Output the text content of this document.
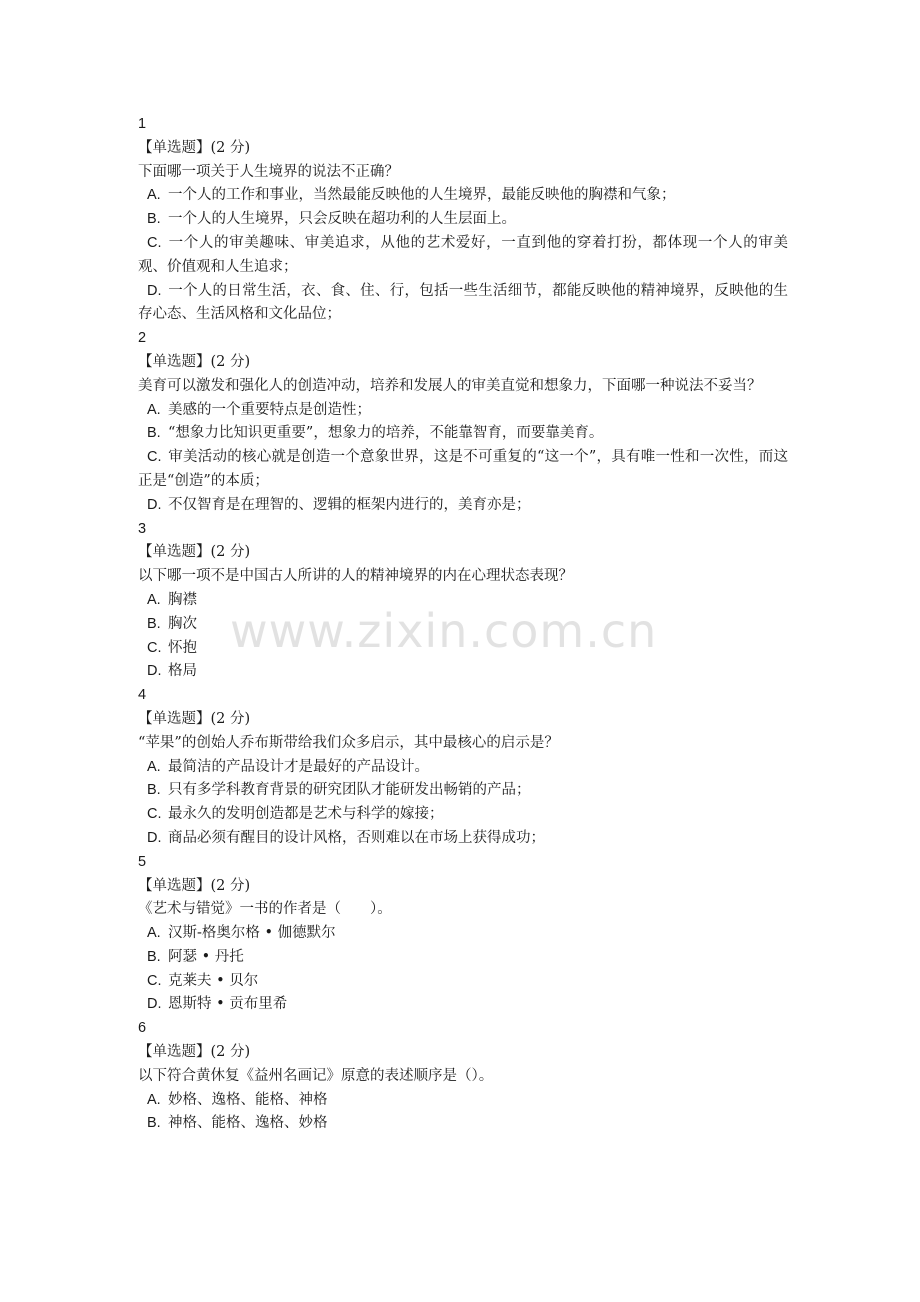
1
【单选题】(2 分)
下面哪一项关于人生境界的说法不正确？
A. 一个人的工作和事业，当然最能反映他的人生境界，最能反映他的胸襟和气象；
B. 一个人的人生境界，只会反映在超功利的人生层面上。
C. 一个人的审美趣味、审美追求，从他的艺术爱好，一直到他的穿着打扮，都体现一个人的审美观、价值观和人生追求；
D. 一个人的日常生活，衣、食、住、行，包括一些生活细节，都能反映他的精神境界，反映他的生存心态、生活风格和文化品位；
2
【单选题】(2 分)
美育可以激发和强化人的创造冲动，培养和发展人的审美直觉和想象力，下面哪一种说法不妥当？
A. 美感的一个重要特点是创造性；
B. “想象力比知识更重要”，想象力的培养，不能靠智育，而要靠美育。
C. 审美活动的核心就是创造一个意象世界，这是不可重复的“这一个”，具有唯一性和一次性，而这正是“创造”的本质；
D. 不仅智育是在理智的、逻辑的框架内进行的，美育亦是；
3
【单选题】(2 分)
以下哪一项不是中国古人所讲的人的精神境界的内在心理状态表现？
A. 胸襟
B. 胸次
C. 怀抱
D. 格局
4
【单选题】(2 分)
“苹果”的创始人乔布斯带给我们众多启示，其中最核心的启示是？
A. 最简洁的产品设计才是最好的产品设计。
B. 只有多学科教育背景的研究团队才能研发出畅销的产品；
C. 最永久的发明创造都是艺术与科学的嫁接；
D. 商品必须有醒目的设计风格，否则难以在市场上获得成功；
5
【单选题】(2 分)
《艺术与错觉》一书的作者是（　　）。
A. 汉斯-格奥尔格 • 伽德默尔
B. 阿瑟 • 丹托
C. 克莱夫 • 贝尔
D. 恩斯特 • 贡布里希
6
【单选题】(2 分)
以下符合黄休复《益州名画记》原意的表述顺序是（）。
A. 妙格、逸格、能格、神格
B. 神格、能格、逸格、妙格
www.zixin.com.cn
